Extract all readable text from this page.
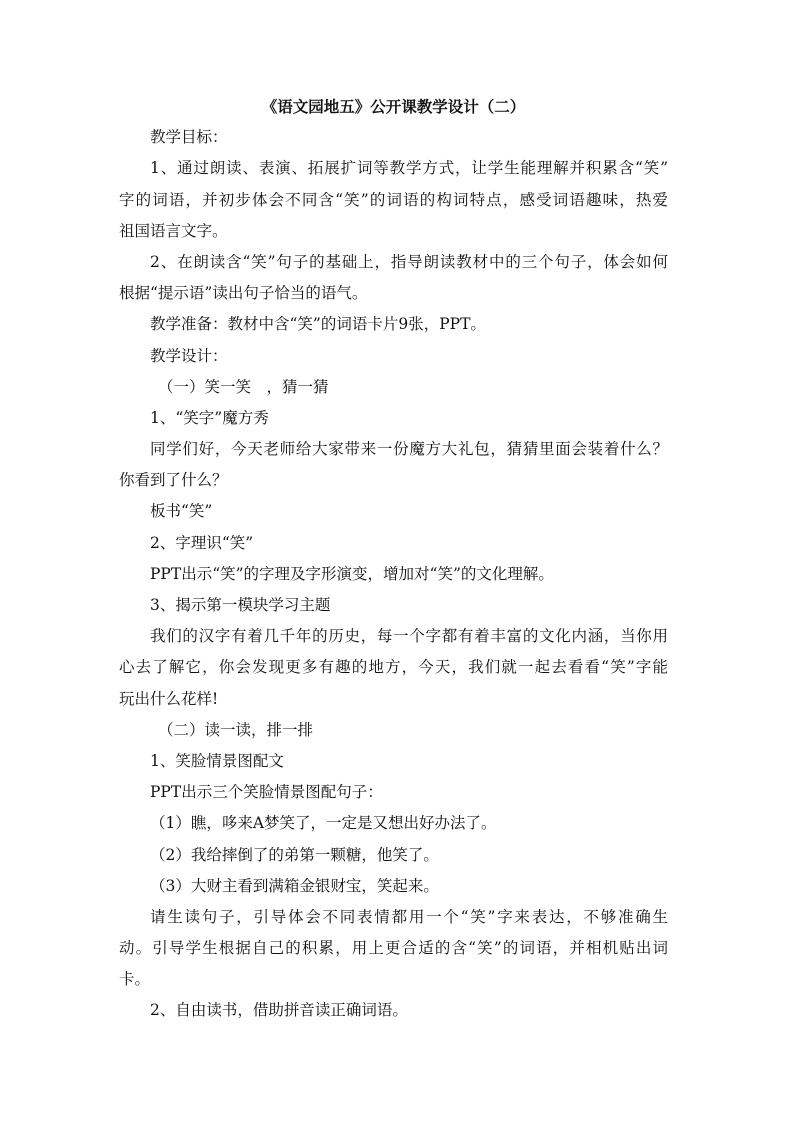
《语文园地五》公开课教学设计（二）
教学目标：
1、通过朗读、表演、拓展扩词等教学方式，让学生能理解并积累含“笑”
字的词语，并初步体会不同含“笑”的词语的构词特点，感受词语趣味，热爱
祖国语言文字。
2、在朗读含“笑”句子的基础上，指导朗读教材中的三个句子，体会如何
根据“提示语”读出句子恰当的语气。
教学准备：教材中含“笑”的词语卡片9张，PPT。
教学设计：
（一）笑一笑　，猜一猜
1、“笑字”魔方秀
同学们好，今天老师给大家带来一份魔方大礼包，猜猜里面会装着什么？
你看到了什么？
板书“笑”
2、字理识“笑”
PPT出示“笑”的字理及字形演变，增加对“笑”的文化理解。
3、揭示第一模块学习主题
我们的汉字有着几千年的历史，每一个字都有着丰富的文化内涵，当你用
心去了解它，你会发现更多有趣的地方，今天，我们就一起去看看“笑”字能
玩出什么花样!
（二）读一读，排一排
1、笑脸情景图配文
PPT出示三个笑脸情景图配句子：
（1）瞧，哆来A梦笑了，一定是又想出好办法了。
（2）我给摔倒了的弟第一颗糖，他笑了。
（3）大财主看到满箱金银财宝，笑起来。
请生读句子，引导体会不同表情都用一个“笑”字来表达，不够准确生
动。引导学生根据自己的积累，用上更合适的含“笑”的词语，并相机贴出词
卡。
2、自由读书，借助拼音读正确词语。
